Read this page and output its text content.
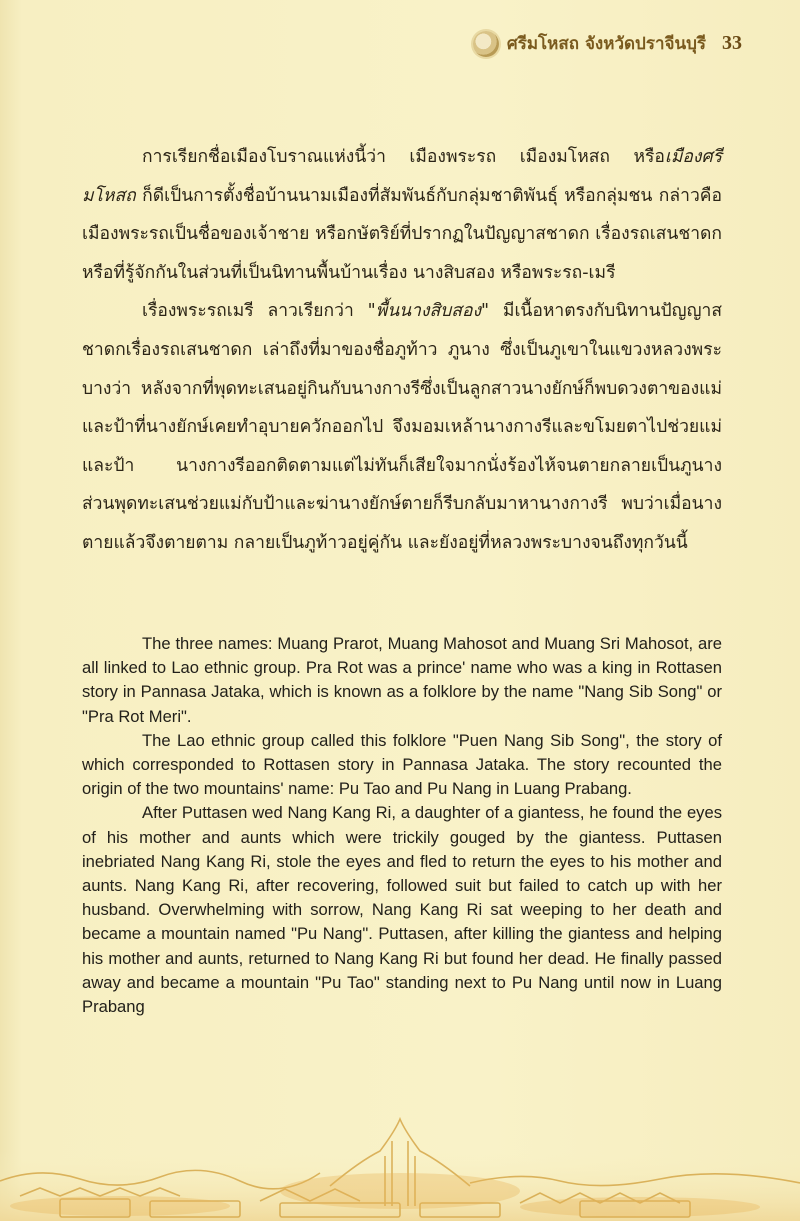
ศรีมโหสถ จังหวัดปราจีนบุรี 33

การเรียกชื่อเมืองโบราณแห่งนี้ว่า เมืองพระรถ เมืองมโหสถ หรือเมืองศรีมโหสถ ก็ดีเป็นการตั้งชื่อบ้านนามเมืองที่สัมพันธ์กับกลุ่มชาติพันธุ์ หรือกลุ่มชน กล่าวคือ เมืองพระรถเป็นชื่อของเจ้าชาย หรือกษัตริย์ที่ปรากฏในปัญญาสชาดก เรื่องรถเสนชาดก หรือที่รู้จักกันในส่วนที่เป็นนิทานพื้นบ้านเรื่อง นางสิบสอง หรือพระรถ-เมรี

เรื่องพระรถเมรี ลาวเรียกว่า "พื้นนางสิบสอง" มีเนื้อหาตรงกับนิทานปัญญาสชาดกเรื่องรถเสนชาดก เล่าถึงที่มาของชื่อภูท้าว ภูนาง ซึ่งเป็นภูเขาในแขวงหลวงพระบางว่า หลังจากที่พุดทะเสนอยู่กินกับนางกางรีซึ่งเป็นลูกสาวนางยักษ์ก็พบดวงตาของแม่และป้าที่นางยักษ์เคยทำอุบายควักออกไป จึงมอมเหล้านางกางรีและขโมยตาไปช่วยแม่และป้า นางกางรีออกติดตามแต่ไม่ทันก็เสียใจมากนั่งร้องไห้จนตายกลายเป็นภูนาง ส่วนพุดทะเสนช่วยแม่กับป้าและฆ่านางยักษ์ตายก็รีบกลับมาหานางกางรี พบว่าเมื่อนางตายแล้วจึงตายตาม กลายเป็นภูท้าวอยู่คู่กัน และยังอยู่ที่หลวงพระบางจนถึงทุกวันนี้

The three names: Muang Prarot, Muang Mahosot and Muang Sri Mahosot, are all linked to Lao ethnic group. Pra Rot was a prince' name who was a king in Rottasen story in Pannasa Jataka, which is known as a folklore by the name "Nang Sib Song" or "Pra Rot Meri".

The Lao ethnic group called this folklore "Puen Nang Sib Song", the story of which corresponded to Rottasen story in Pannasa Jataka. The story recounted the origin of the two mountains' name: Pu Tao and Pu Nang in Luang Prabang.

After Puttasen wed Nang Kang Ri, a daughter of a giantess, he found the eyes of his mother and aunts which were trickily gouged by the giantess. Puttasen inebriated Nang Kang Ri, stole the eyes and fled to return the eyes to his mother and aunts. Nang Kang Ri, after recovering, followed suit but failed to catch up with her husband. Overwhelming with sorrow, Nang Kang Ri sat weeping to her death and became a mountain named "Pu Nang". Puttasen, after killing the giantess and helping his mother and aunts, returned to Nang Kang Ri but found her dead. He finally passed away and became a mountain "Pu Tao" standing next to Pu Nang until now in Luang Prabang
